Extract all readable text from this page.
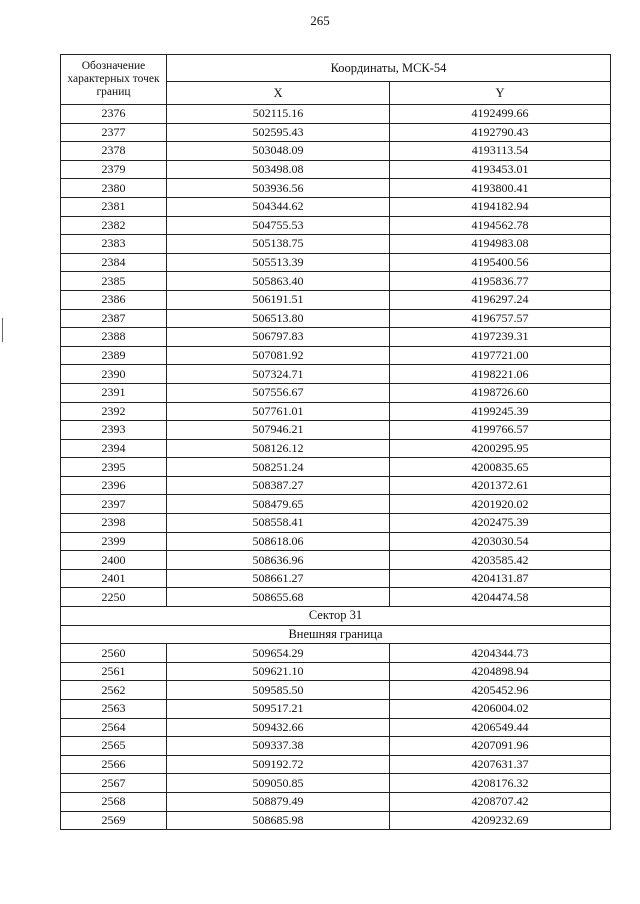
265
Обозначение характерных точек границ	Координаты, МСК-54	
	X	Y
2376	502115.16	4192499.66
2377	502595.43	4192790.43
2378	503048.09	4193113.54
2379	503498.08	4193453.01
2380	503936.56	4193800.41
2381	504344.62	4194182.94
2382	504755.53	4194562.78
2383	505138.75	4194983.08
2384	505513.39	4195400.56
2385	505863.40	4195836.77
2386	506191.51	4196297.24
2387	506513.80	4196757.57
2388	506797.83	4197239.31
2389	507081.92	4197721.00
2390	507324.71	4198221.06
2391	507556.67	4198726.60
2392	507761.01	4199245.39
2393	507946.21	4199766.57
2394	508126.12	4200295.95
2395	508251.24	4200835.65
2396	508387.27	4201372.61
2397	508479.65	4201920.02
2398	508558.41	4202475.39
2399	508618.06	4203030.54
2400	508636.96	4203585.42
2401	508661.27	4204131.87
2250	508655.68	4204474.58
Сектор 31		
Внешняя граница		
2560	509654.29	4204344.73
2561	509621.10	4204898.94
2562	509585.50	4205452.96
2563	509517.21	4206004.02
2564	509432.66	4206549.44
2565	509337.38	4207091.96
2566	509192.72	4207631.37
2567	509050.85	4208176.32
2568	508879.49	4208707.42
2569	508685.98	4209232.69
